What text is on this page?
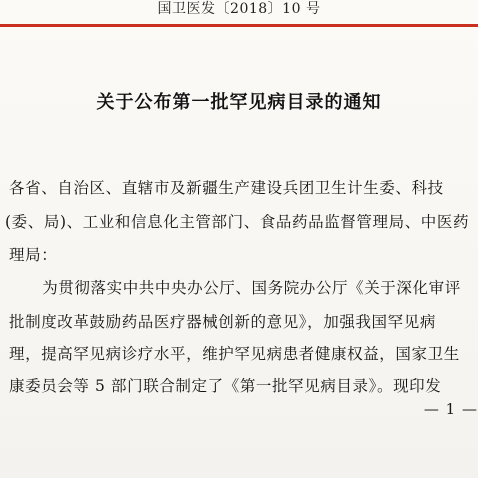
国卫医发〔2018〕10 号
关于公布第一批罕见病目录的通知
各省、自治区、直辖市及新疆生产建设兵团卫生计生委、科技
(委、局)、工业和信息化主管部门、食品药品监督管理局、中医药
理局：
　　为贯彻落实中共中央办公厅、国务院办公厅《关于深化审评
批制度改革鼓励药品医疗器械创新的意见》，加强我国罕见病
理，提高罕见病诊疗水平，维护罕见病患者健康权益，国家卫生
康委员会等 5 部门联合制定了《第一批罕见病目录》。现印发
— 1 —
